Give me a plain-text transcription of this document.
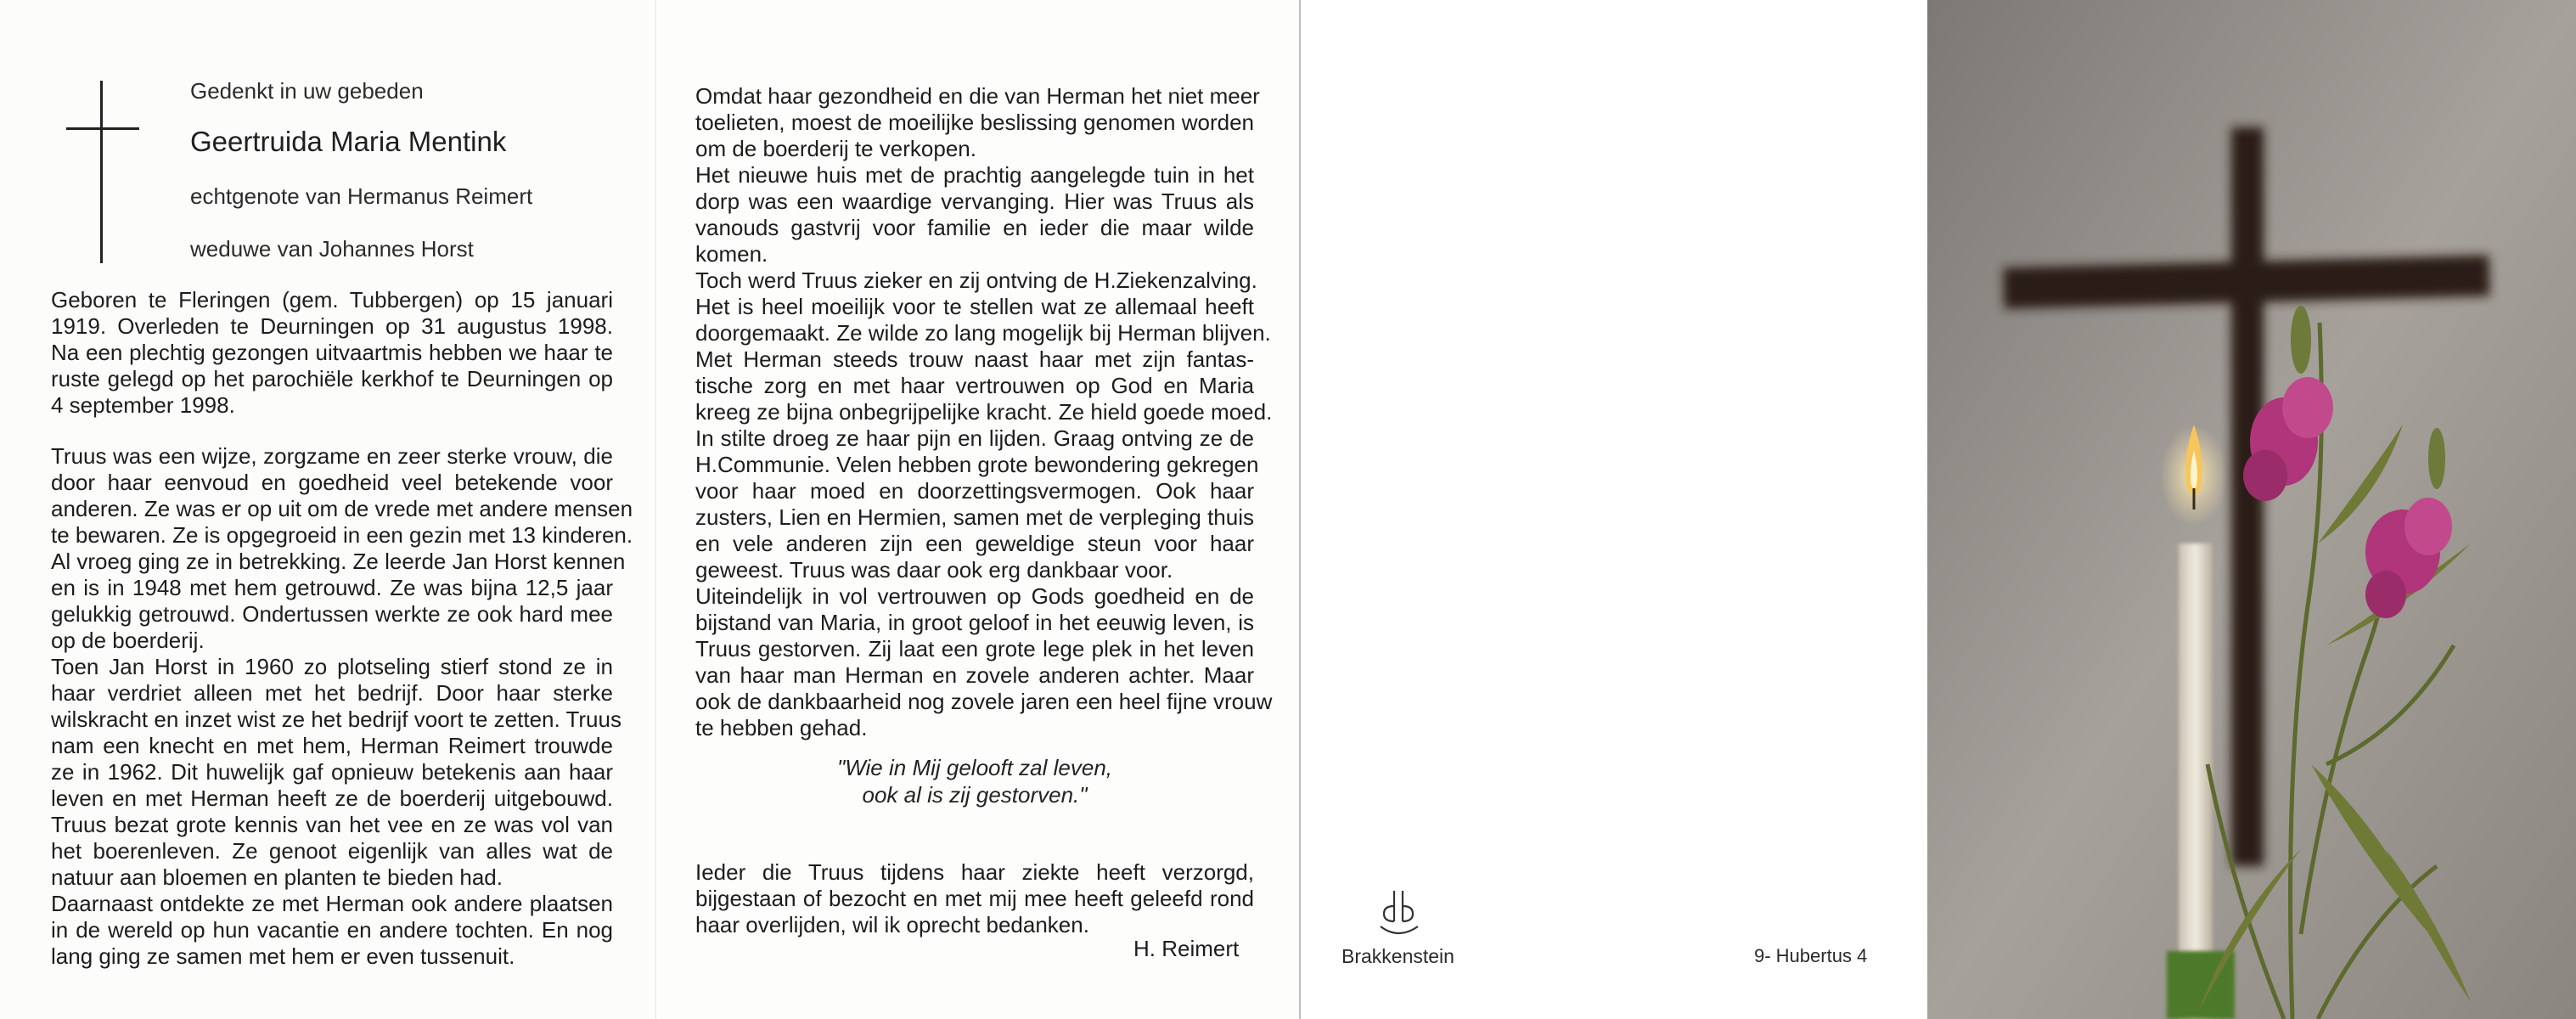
Gedenkt in uw gebeden
Geertruida Maria Mentink
echtgenote van Hermanus Reimert
weduwe van Johannes Horst
Geboren te Fleringen (gem. Tubbergen) op 15 januari
1919. Overleden te Deurningen op 31 augustus 1998.
Na een plechtig gezongen uitvaartmis hebben we haar te
ruste gelegd op het parochiële kerkhof te Deurningen op
4 september 1998.
Truus was een wijze, zorgzame en zeer sterke vrouw, die
door haar eenvoud en goedheid veel betekende voor
anderen. Ze was er op uit om de vrede met andere mensen
te bewaren. Ze is opgegroeid in een gezin met 13 kinderen.
Al vroeg ging ze in betrekking. Ze leerde Jan Horst kennen
en is in 1948 met hem getrouwd. Ze was bijna 12,5 jaar
gelukkig getrouwd. Ondertussen werkte ze ook hard mee
op de boerderij.
Toen Jan Horst in 1960 zo plotseling stierf stond ze in
haar verdriet alleen met het bedrijf. Door haar sterke
wilskracht en inzet wist ze het bedrijf voort te zetten. Truus
nam een knecht en met hem, Herman Reimert trouwde
ze in 1962. Dit huwelijk gaf opnieuw betekenis aan haar
leven en met Herman heeft ze de boerderij uitgebouwd.
Truus bezat grote kennis van het vee en ze was vol van
het boerenleven. Ze genoot eigenlijk van alles wat de
natuur aan bloemen en planten te bieden had.
Daarnaast ontdekte ze met Herman ook andere plaatsen
in de wereld op hun vacantie en andere tochten. En nog
lang ging ze samen met hem er even tussenuit.
Omdat haar gezondheid en die van Herman het niet meer
toelieten, moest de moeilijke beslissing genomen worden
om de boerderij te verkopen.
Het nieuwe huis met de prachtig aangelegde tuin in het
dorp was een waardige vervanging. Hier was Truus als
vanouds gastvrij voor familie en ieder die maar wilde
komen.
Toch werd Truus zieker en zij ontving de H.Ziekenzalving.
Het is heel moeilijk voor te stellen wat ze allemaal heeft
doorgemaakt. Ze wilde zo lang mogelijk bij Herman blijven.
Met Herman steeds trouw naast haar met zijn fantas-
tische zorg en met haar vertrouwen op God en Maria
kreeg ze bijna onbegrijpelijke kracht. Ze hield goede moed.
In stilte droeg ze haar pijn en lijden. Graag ontving ze de
H.Communie. Velen hebben grote bewondering gekregen
voor haar moed en doorzettingsvermogen. Ook haar
zusters, Lien en Hermien, samen met de verpleging thuis
en vele anderen zijn een geweldige steun voor haar
geweest. Truus was daar ook erg dankbaar voor.
Uiteindelijk in vol vertrouwen op Gods goedheid en de
bijstand van Maria, in groot geloof in het eeuwig leven, is
Truus gestorven. Zij laat een grote lege plek in het leven
van haar man Herman en zovele anderen achter. Maar
ook de dankbaarheid nog zovele jaren een heel fijne vrouw
te hebben gehad.
"Wie in Mij gelooft zal leven,
ook al is zij gestorven."
Ieder die Truus tijdens haar ziekte heeft verzorgd,
bijgestaan of bezocht en met mij mee heeft geleefd rond
haar overlijden, wil ik oprecht bedanken.
H. Reimert	Brakkenstein	9- Hubertus 4
